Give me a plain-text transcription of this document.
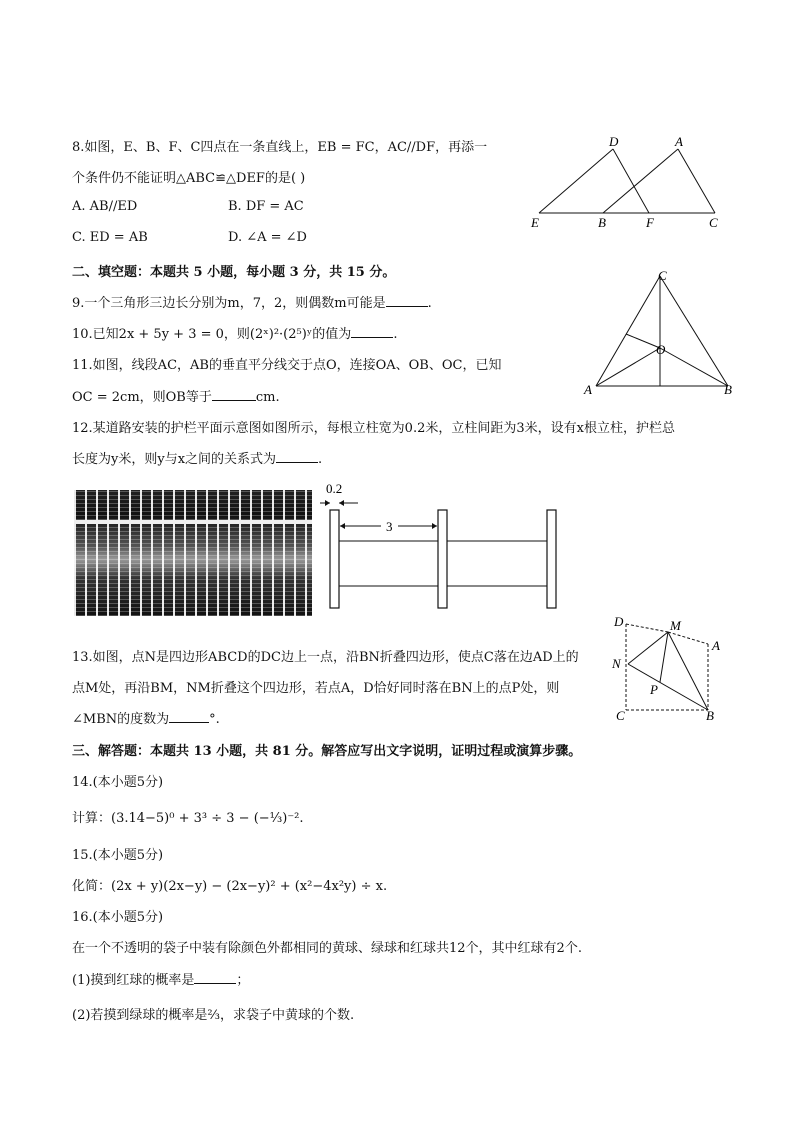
8.如图，E、B、F、C四点在一条直线上，EB = FC，AC//DF，再添一
个条件仍不能证明△ABC≌△DEF的是( )
A. AB//ED	B. DF = AC
C. ED = AB	D. ∠A = ∠D
D	A
E	B	F	C
二、填空题：本题共 5 小题，每小题 3 分，共 15 分。
9.一个三角形三边长分别为m，7，2，则偶数m可能是	.
10.已知2x + 5y + 3 = 0，则(2ˣ)²·(2⁵)ʸ的值为	.
11.如图，线段AC，AB的垂直平分线交于点O，连接OA、OB、OC，已知
OC = 2cm，则OB等于	cm.
C
O
A	B
12.某道路安装的护栏平面示意图如图所示，每根立柱宽为0.2米，立柱间距为3米，设有x根立柱，护栏总
长度为y米，则y与x之间的关系式为	.
0.2
3
13.如图，点N是四边形ABCD的DC边上一点，沿BN折叠四边形，使点C落在边AD上的
点M处，再沿BM，NM折叠这个四边形，若点A，D恰好同时落在BN上的点P处，则
∠MBN的度数为	°.
D	M
A
N
P
C	B
三、解答题：本题共 13 小题，共 81 分。解答应写出文字说明，证明过程或演算步骤。
14.(本小题5分)
计算：(3.14−5)⁰ + 3³ ÷ 3 − (−⅓)⁻².
15.(本小题5分)
化简：(2x + y)(2x−y) − (2x−y)² + (x²−4x²y) ÷ x.
16.(本小题5分)
在一个不透明的袋子中装有除颜色外都相同的黄球、绿球和红球共12个，其中红球有2个.
(1)摸到红球的概率是	；
(2)若摸到绿球的概率是⅔，求袋子中黄球的个数.
